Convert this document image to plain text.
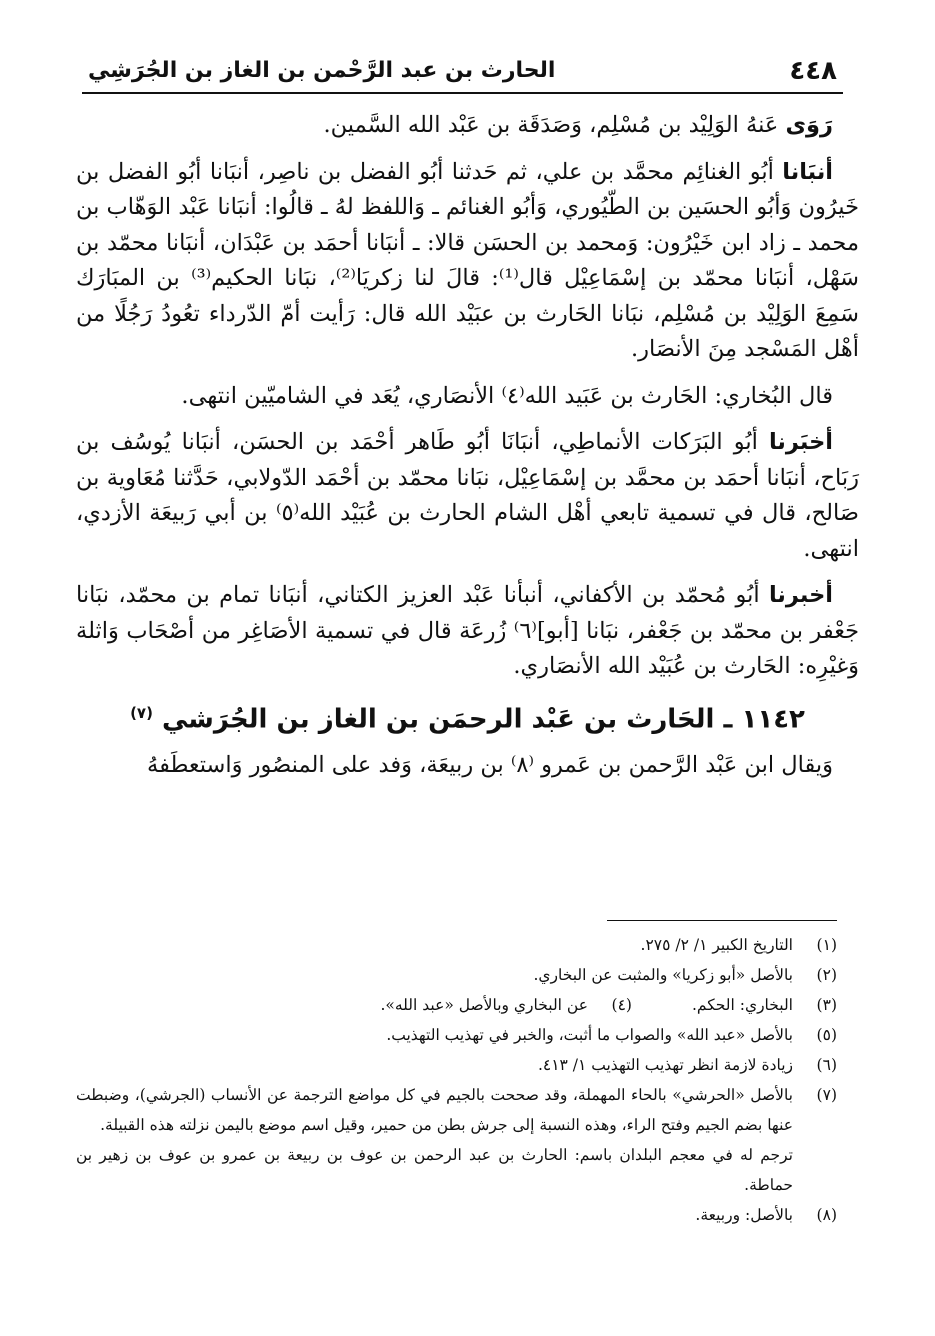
٤٤٨
الحارث بن عبد الرَّحْمن بن الغاز بن الجُرَشِي

رَوَى عَنهُ الوَلِيْد بن مُسْلِم، وَصَدَقَة بن عَبْد الله السَّمين.

أنبَانا أبُو الغنائِم محمَّد بن علي، ثم حَدثنا أبُو الفضل بن ناصِر، أنبَانا أبُو الفضل بن خَيرُون وَأبُو الحسَين بن الطّيُوري، وَأبُو الغنائم ـ وَاللفظ لهُ ـ قالُوا: أنبَانا عَبْد الوَهّاب بن محمد ـ زاد ابن خَيْرُون: وَمحمد بن الحسَن قالا: ـ أنبَانا أحمَد بن عَبْدَان، أنبَانا محمّد بن سَهْل، أنبَانا محمّد بن إسْمَاعِيْل قال⁽¹⁾: قالَ لنا زكريَا⁽²⁾، نبَانا الحكيم⁽³⁾ بن المبَارَك سَمِعَ الوَلِيْد بن مُسْلِم، نبَانا الحَارث بن عبَيْد الله قال: رَأيت أمّ الدّرداء تعُودُ رَجُلًا من أهْل المَسْجد مِنَ الأنصَار.

قال البُخاري: الحَارث بن عَبَيد الله⁽٤⁾ الأنصَاري، يُعَد في الشاميّين انتهى.

أخبَرنا أبُو البَرَكات الأنماطِي، أنبَانَا أبُو طَاهر أحْمَد بن الحسَن، أنبَانا يُوسُف بن رَبَاح، أنبَانا أحمَد بن محمَّد بن إسْمَاعِيْل، نبَانا محمّد بن أحْمَد الدّولابي، حَدَّثنا مُعَاوية بن صَالح، قال في تسمية تابعي أهْل الشام الحارث بن عُبَيْد الله⁽٥⁾ بن أبي رَبيعَة الأزدي، انتهى.

أخبرنا أبُو مُحمّد بن الأكفاني، أنبأنا عَبْد العزيز الكتاني، أنبَانا تمام بن محمّد، نبَانا جَعْفر بن محمّد بن جَعْفر، نبَانا [أبو]⁽٦⁾ زُرعَة قال في تسمية الأصَاغِر من أصْحَاب وَاثلة وَغيْرِه: الحَارث بن عُبَيْد الله الأنصَاري.

١١٤٢ ـ الحَارث بن عَبْد الرحمَن بن الغاز بن الجُرَشي $^{(٧)}$

وَيقال ابن عَبْد الرَّحمن بن عَمرو ⁽٨⁾ بن ربيعَة، وَفد على المنصُور وَاستعطَفهُ

(١)
التاريخ الكبير ١/ ٢/ ٢٧٥.
(٢)
بالأصل «أبو زكريا» والمثبت عن البخاري.
(٣)
البخاري: الحكم.
(٤)
عن البخاري وبالأصل «عبد الله».
(٥)
بالأصل «عبد الله» والصواب ما أثبت، والخبر في تهذيب التهذيب.
(٦)
زيادة لازمة انظر تهذيب التهذيب ١/ ٤١٣.
(٧)
بالأصل «الحرشي» بالحاء المهملة، وقد صححت بالجيم في كل مواضع الترجمة عن الأنساب (الجرشي)، وضبطت عنها بضم الجيم وفتح الراء، وهذه النسبة إلى جرش بطن من حمير، وقيل اسم موضع باليمن نزلته هذه القبيلة.
ترجم له في معجم البلدان باسم: الحارث بن عبد الرحمن بن عوف بن ربيعة بن عمرو بن عوف بن زهير بن حماطة.
(٨)
بالأصل: وربيعة.
